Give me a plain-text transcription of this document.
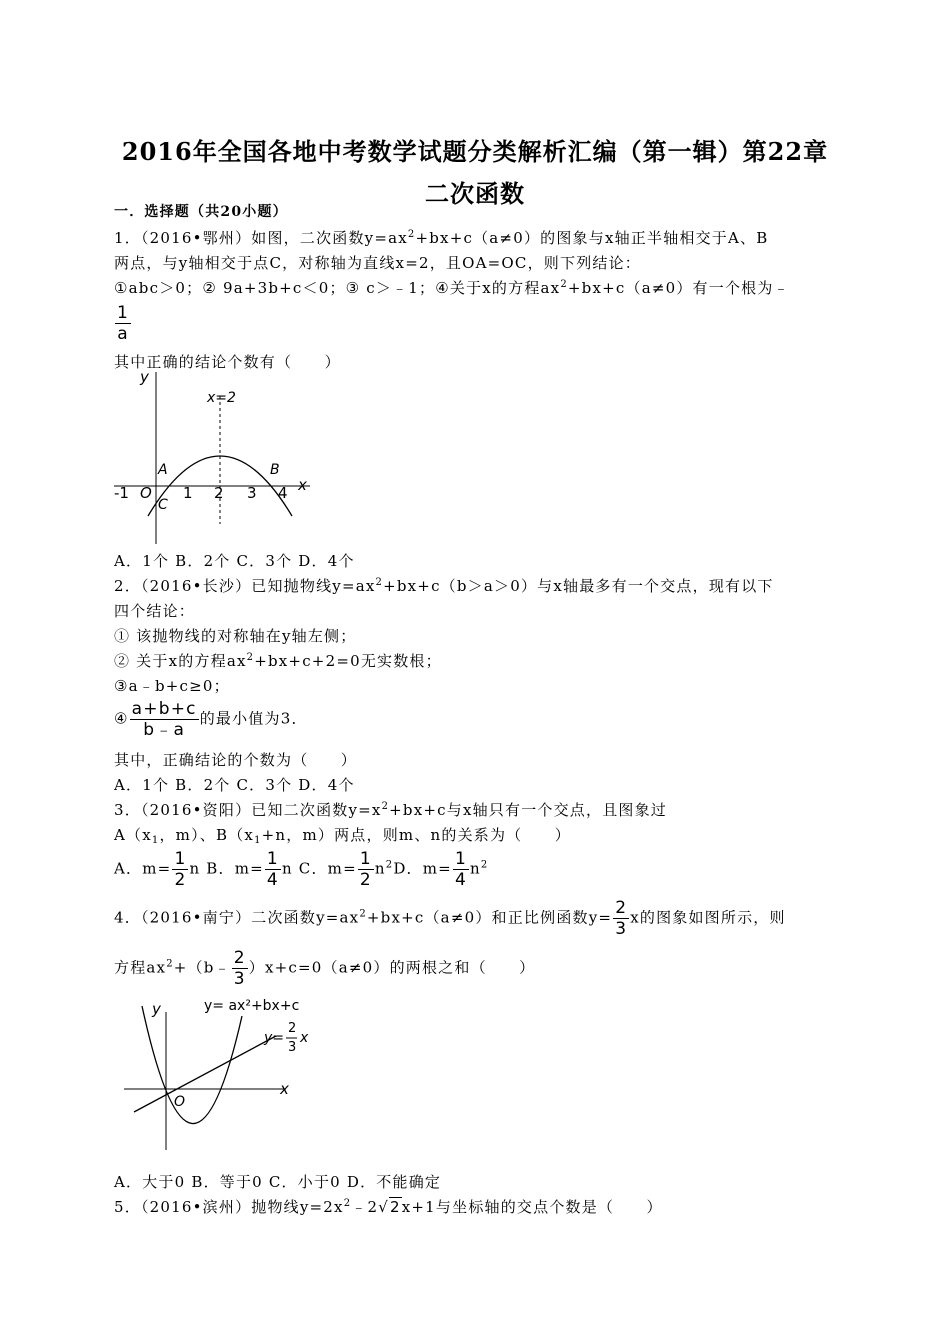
2016年全国各地中考数学试题分类解析汇编（第一辑）第22章
二次函数
一．选择题（共20小题）
1．（2016•鄂州）如图，二次函数$y=ax^2+bx+c(a\ne 0)$的图象与x轴正半轴相交于A、B
两点，与y轴相交于点C，对称轴为直线x=2，且OA=OC，则下列结论：
①abc＞0；② 9a+3b+c＜0；③ c＞﹣1；④关于x的方程$ax^2+bx+c(a\ne 0)$有一个根为﹣
$\frac{1}{a}$
其中正确的结论个数有（　　）
y
x
x=2
A	B
C
O
-1	1 2 3 4
A．1个 B．2个 C．3个 D．4个
2．（2016•长沙）已知抛物线$y=ax^2+bx+c(b>a>0)$与x轴最多有一个交点，现有以下
四个结论：
① 该抛物线的对称轴在y轴左侧；
② 关于x的方程$ax^2+bx+c+2=0$无实数根；
③a﹣b+c≥0；
④ $\frac{a+b+c}{b﹣a}$ 的最小值为3．
其中，正确结论的个数为（　　）
A．1个 B．2个 C．3个 D．4个
3．（2016•资阳）已知二次函数$y=x^2+bx+c$与x轴只有一个交点，且图象过
$A(x_1$，m）、$B(x_1+n$，m）两点，则m、n的关系为（　　）
A．$m= \frac{1}{2}$ n B．$m= \frac{1}{4}$ n C．$m= \frac{1}{2} n^2D$．$m= \frac{1}{4} n^2$
4．（2016•南宁）二次函数$y=ax^2+bx+c(a\ne 0)$和正比例函数$y= \frac{2}{3}$ x的图象如图所示，则
方程$ax^2+(b﹣ \frac{2}{3} )x+c=0(a\ne 0)$的两根之和（　　）
y
x
O
y= ax²+bx+c
y=
2
3
x
A．大于0 B．等于0 C．小于0 D．不能确定
5．（2016•滨州）抛物线$y=2x^2﹣2√2x+1$与坐标轴的交点个数是（　　）
